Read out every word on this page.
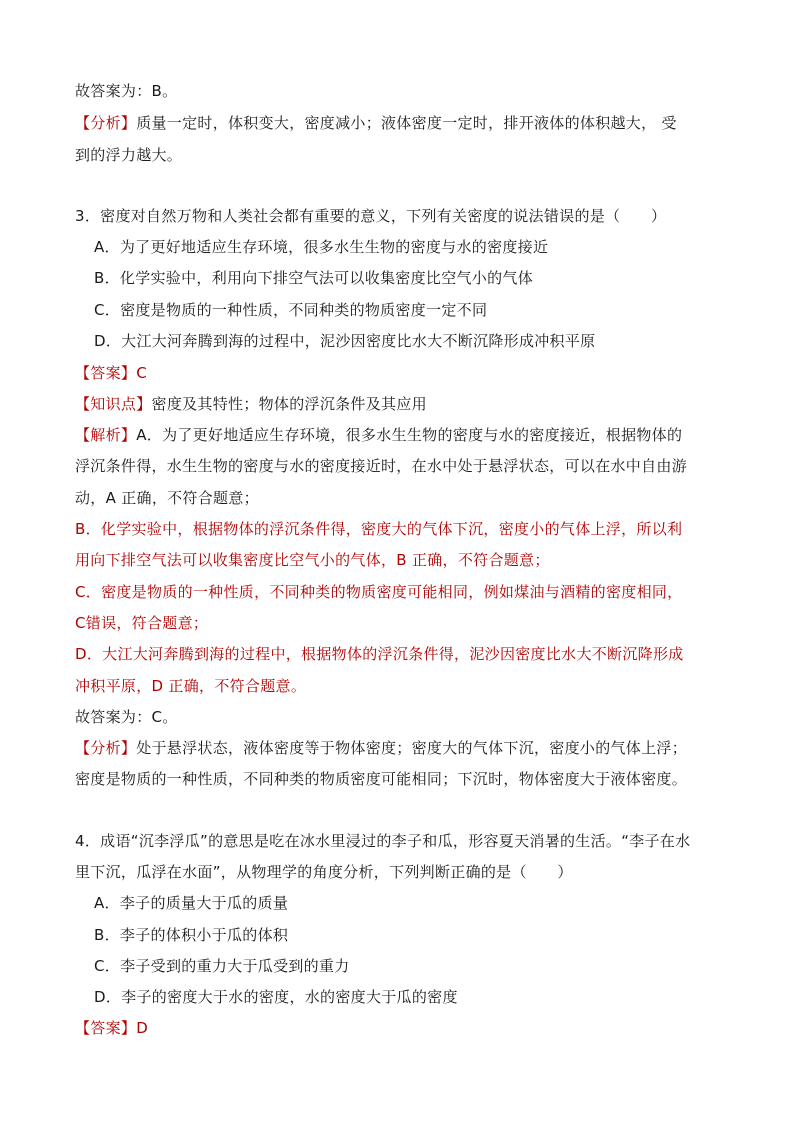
故答案为：B。
【分析】质量一定时，体积变大，密度减小；液体密度一定时，排开液体的体积越大， 受
到的浮力越大。
3．密度对自然万物和人类社会都有重要的意义，下列有关密度的说法错误的是（　　）
A．为了更好地适应生存环境，很多水生生物的密度与水的密度接近
B．化学实验中，利用向下排空气法可以收集密度比空气小的气体
C．密度是物质的一种性质，不同种类的物质密度一定不同
D．大江大河奔腾到海的过程中，泥沙因密度比水大不断沉降形成冲积平原
【答案】C
【知识点】密度及其特性；物体的浮沉条件及其应用
【解析】A．为了更好地适应生存环境，很多水生生物的密度与水的密度接近，根据物体的
浮沉条件得，水生生物的密度与水的密度接近时，在水中处于悬浮状态，可以在水中自由游
动，A 正确，不符合题意；
B．化学实验中，根据物体的浮沉条件得，密度大的气体下沉，密度小的气体上浮，所以利
用向下排空气法可以收集密度比空气小的气体，B 正确，不符合题意；
C．密度是物质的一种性质，不同种类的物质密度可能相同，例如煤油与酒精的密度相同，
C错误，符合题意；
D．大江大河奔腾到海的过程中，根据物体的浮沉条件得，泥沙因密度比水大不断沉降形成
冲积平原，D 正确，不符合题意。
故答案为：C。
【分析】处于悬浮状态，液体密度等于物体密度；密度大的气体下沉，密度小的气体上浮；
密度是物质的一种性质，不同种类的物质密度可能相同；下沉时，物体密度大于液体密度。
4．成语“沉李浮瓜”的意思是吃在冰水里浸过的李子和瓜，形容夏天消暑的生活。“李子在水
里下沉，瓜浮在水面”，从物理学的角度分析，下列判断正确的是（　　）
A．李子的质量大于瓜的质量
B．李子的体积小于瓜的体积
C．李子受到的重力大于瓜受到的重力
D．李子的密度大于水的密度，水的密度大于瓜的密度
【答案】D
